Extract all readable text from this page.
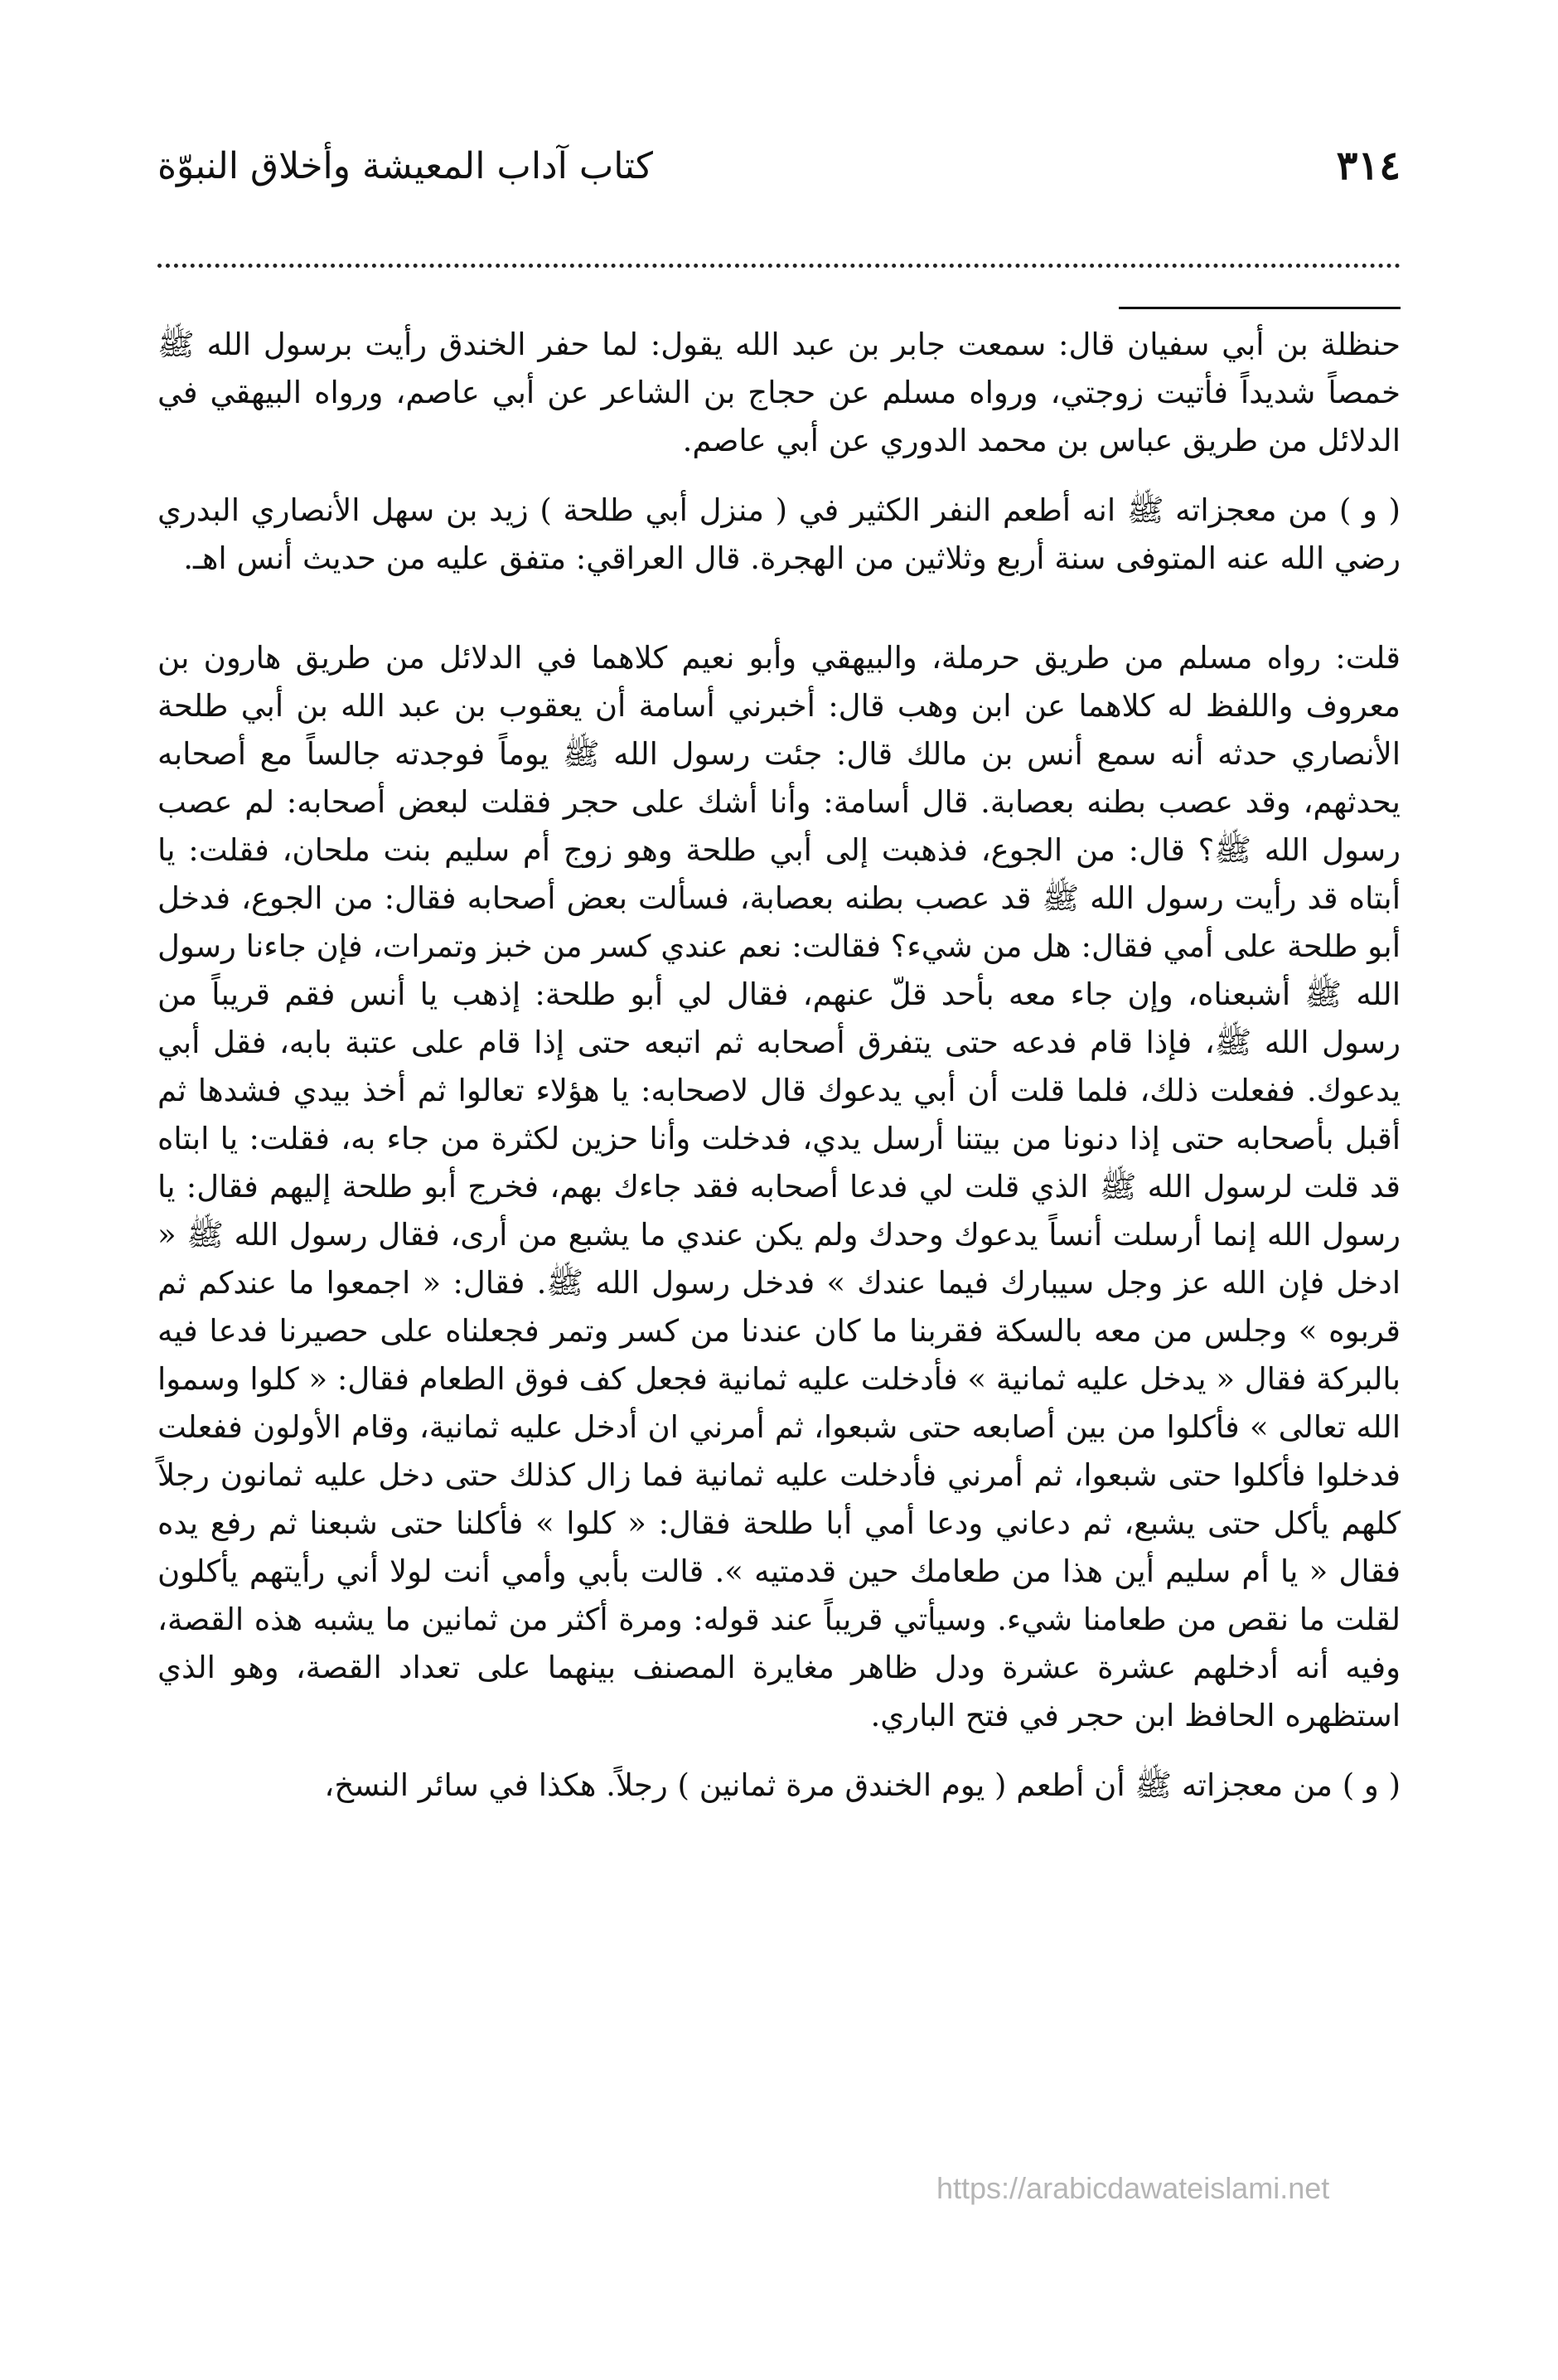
٣١٤
كتاب آداب المعيشة وأخلاق النبوّة

حنظلة بن أبي سفيان قال: سمعت جابر بن عبد الله يقول: لما حفر الخندق رأيت برسول الله ﷺ خمصاً شديداً فأتيت زوجتي، ورواه مسلم عن حجاج بن الشاعر عن أبي عاصم، ورواه البيهقي في الدلائل من طريق عباس بن محمد الدوري عن أبي عاصم.

( و ) من معجزاته ﷺ انه أطعم النفر الكثير في ( منزل أبي طلحة ) زيد بن سهل الأنصاري البدري رضي الله عنه المتوفى سنة أربع وثلاثين من الهجرة. قال العراقي: متفق عليه من حديث أنس اهـ.

قلت: رواه مسلم من طريق حرملة، والبيهقي وأبو نعيم كلاهما في الدلائل من طريق هارون بن معروف واللفظ له كلاهما عن ابن وهب قال: أخبرني أسامة أن يعقوب بن عبد الله بن أبي طلحة الأنصاري حدثه أنه سمع أنس بن مالك قال: جئت رسول الله ﷺ يوماً فوجدته جالساً مع أصحابه يحدثهم، وقد عصب بطنه بعصابة. قال أسامة: وأنا أشك على حجر فقلت لبعض أصحابه: لم عصب رسول الله ﷺ؟ قال: من الجوع، فذهبت إلى أبي طلحة وهو زوج أم سليم بنت ملحان، فقلت: يا أبتاه قد رأيت رسول الله ﷺ قد عصب بطنه بعصابة، فسألت بعض أصحابه فقال: من الجوع، فدخل أبو طلحة على أمي فقال: هل من شيء؟ فقالت: نعم عندي كسر من خبز وتمرات، فإن جاءنا رسول الله ﷺ أشبعناه، وإن جاء معه بأحد قلّ عنهم، فقال لي أبو طلحة: إذهب يا أنس فقم قريباً من رسول الله ﷺ، فإذا قام فدعه حتى يتفرق أصحابه ثم اتبعه حتى إذا قام على عتبة بابه، فقل أبي يدعوك. ففعلت ذلك، فلما قلت أن أبي يدعوك قال لاصحابه: يا هؤلاء تعالوا ثم أخذ بيدي فشدها ثم أقبل بأصحابه حتى إذا دنونا من بيتنا أرسل يدي، فدخلت وأنا حزين لكثرة من جاء به، فقلت: يا ابتاه قد قلت لرسول الله ﷺ الذي قلت لي فدعا أصحابه فقد جاءك بهم، فخرج أبو طلحة إليهم فقال: يا رسول الله إنما أرسلت أنساً يدعوك وحدك ولم يكن عندي ما يشبع من أرى، فقال رسول الله ﷺ « ادخل فإن الله عز وجل سيبارك فيما عندك » فدخل رسول الله ﷺ. فقال: « اجمعوا ما عندكم ثم قربوه » وجلس من معه بالسكة فقربنا ما كان عندنا من كسر وتمر فجعلناه على حصيرنا فدعا فيه بالبركة فقال « يدخل عليه ثمانية » فأدخلت عليه ثمانية فجعل كف فوق الطعام فقال: « كلوا وسموا الله تعالى » فأكلوا من بين أصابعه حتى شبعوا، ثم أمرني ان أدخل عليه ثمانية، وقام الأولون ففعلت فدخلوا فأكلوا حتى شبعوا، ثم أمرني فأدخلت عليه ثمانية فما زال كذلك حتى دخل عليه ثمانون رجلاً كلهم يأكل حتى يشبع، ثم دعاني ودعا أمي أبا طلحة فقال: « كلوا » فأكلنا حتى شبعنا ثم رفع يده فقال « يا أم سليم أين هذا من طعامك حين قدمتيه ». قالت بأبي وأمي أنت لولا أني رأيتهم يأكلون لقلت ما نقص من طعامنا شيء. وسيأتي قريباً عند قوله: ومرة أكثر من ثمانين ما يشبه هذه القصة، وفيه أنه أدخلهم عشرة عشرة ودل ظاهر مغايرة المصنف بينهما على تعداد القصة، وهو الذي استظهره الحافظ ابن حجر في فتح الباري.

( و ) من معجزاته ﷺ أن أطعم ( يوم الخندق مرة ثمانين ) رجلاً. هكذا في سائر النسخ،

https://arabicdawateislami.net
